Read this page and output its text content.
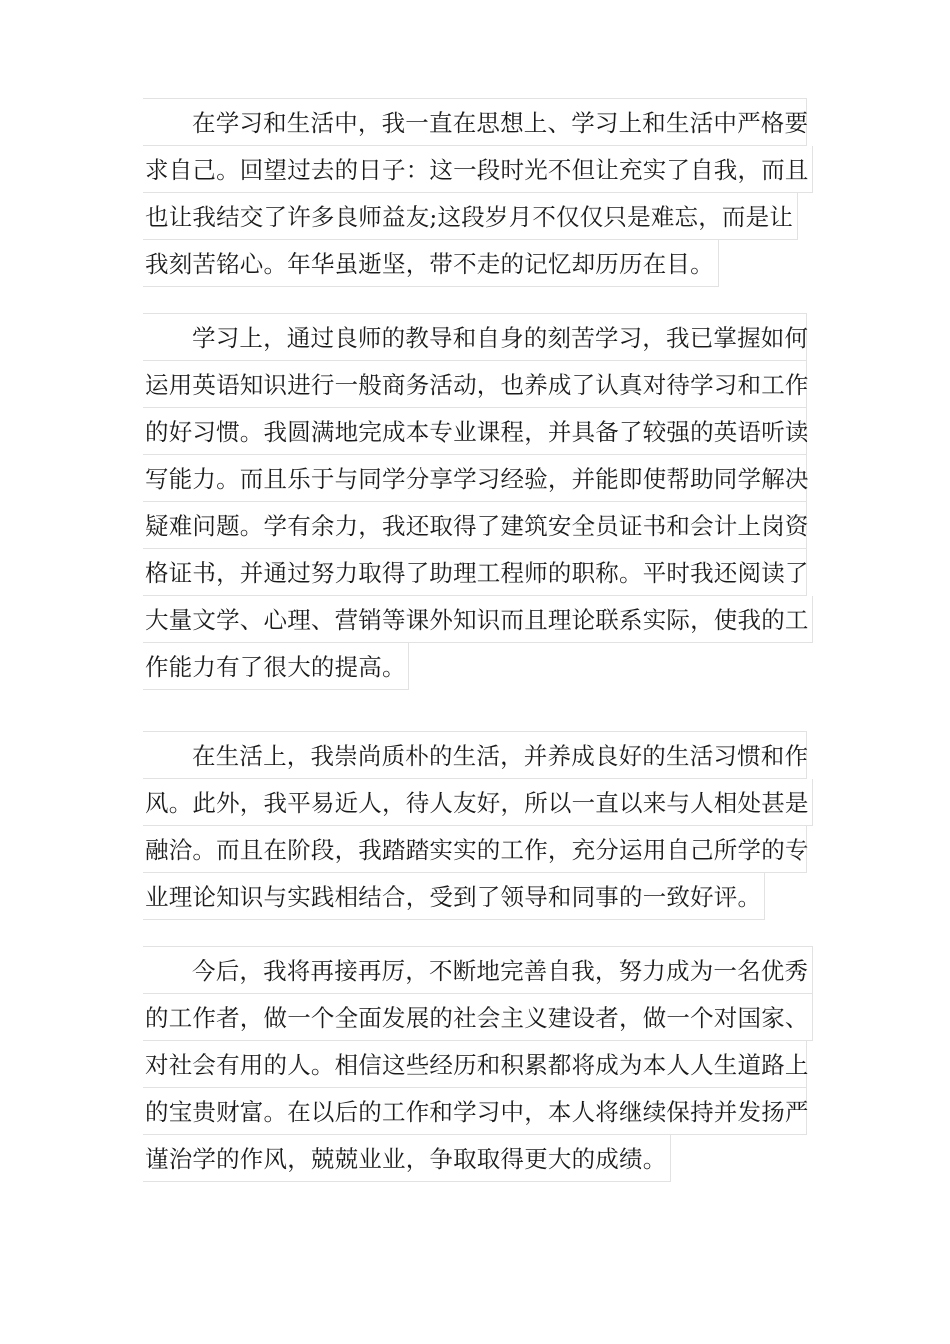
在学习和生活中，我一直在思想上、学习上和生活中严格要
求自己。回望过去的日子：这一段时光不但让充实了自我，而且
也让我结交了许多良师益友;这段岁月不仅仅只是难忘，而是让
我刻苦铭心。年华虽逝坚，带不走的记忆却历历在目。
学习上，通过良师的教导和自身的刻苦学习，我已掌握如何
运用英语知识进行一般商务活动，也养成了认真对待学习和工作
的好习惯。我圆满地完成本专业课程，并具备了较强的英语听读
写能力。而且乐于与同学分享学习经验，并能即使帮助同学解决
疑难问题。学有余力，我还取得了建筑安全员证书和会计上岗资
格证书，并通过努力取得了助理工程师的职称。平时我还阅读了
大量文学、心理、营销等课外知识而且理论联系实际，使我的工
作能力有了很大的提高。
在生活上，我崇尚质朴的生活，并养成良好的生活习惯和作
风。此外，我平易近人，待人友好，所以一直以来与人相处甚是
融洽。而且在阶段，我踏踏实实的工作，充分运用自己所学的专
业理论知识与实践相结合，受到了领导和同事的一致好评。
今后，我将再接再厉，不断地完善自我，努力成为一名优秀
的工作者，做一个全面发展的社会主义建设者，做一个对国家、
对社会有用的人。相信这些经历和积累都将成为本人人生道路上
的宝贵财富。在以后的工作和学习中，本人将继续保持并发扬严
谨治学的作风，兢兢业业，争取取得更大的成绩。
